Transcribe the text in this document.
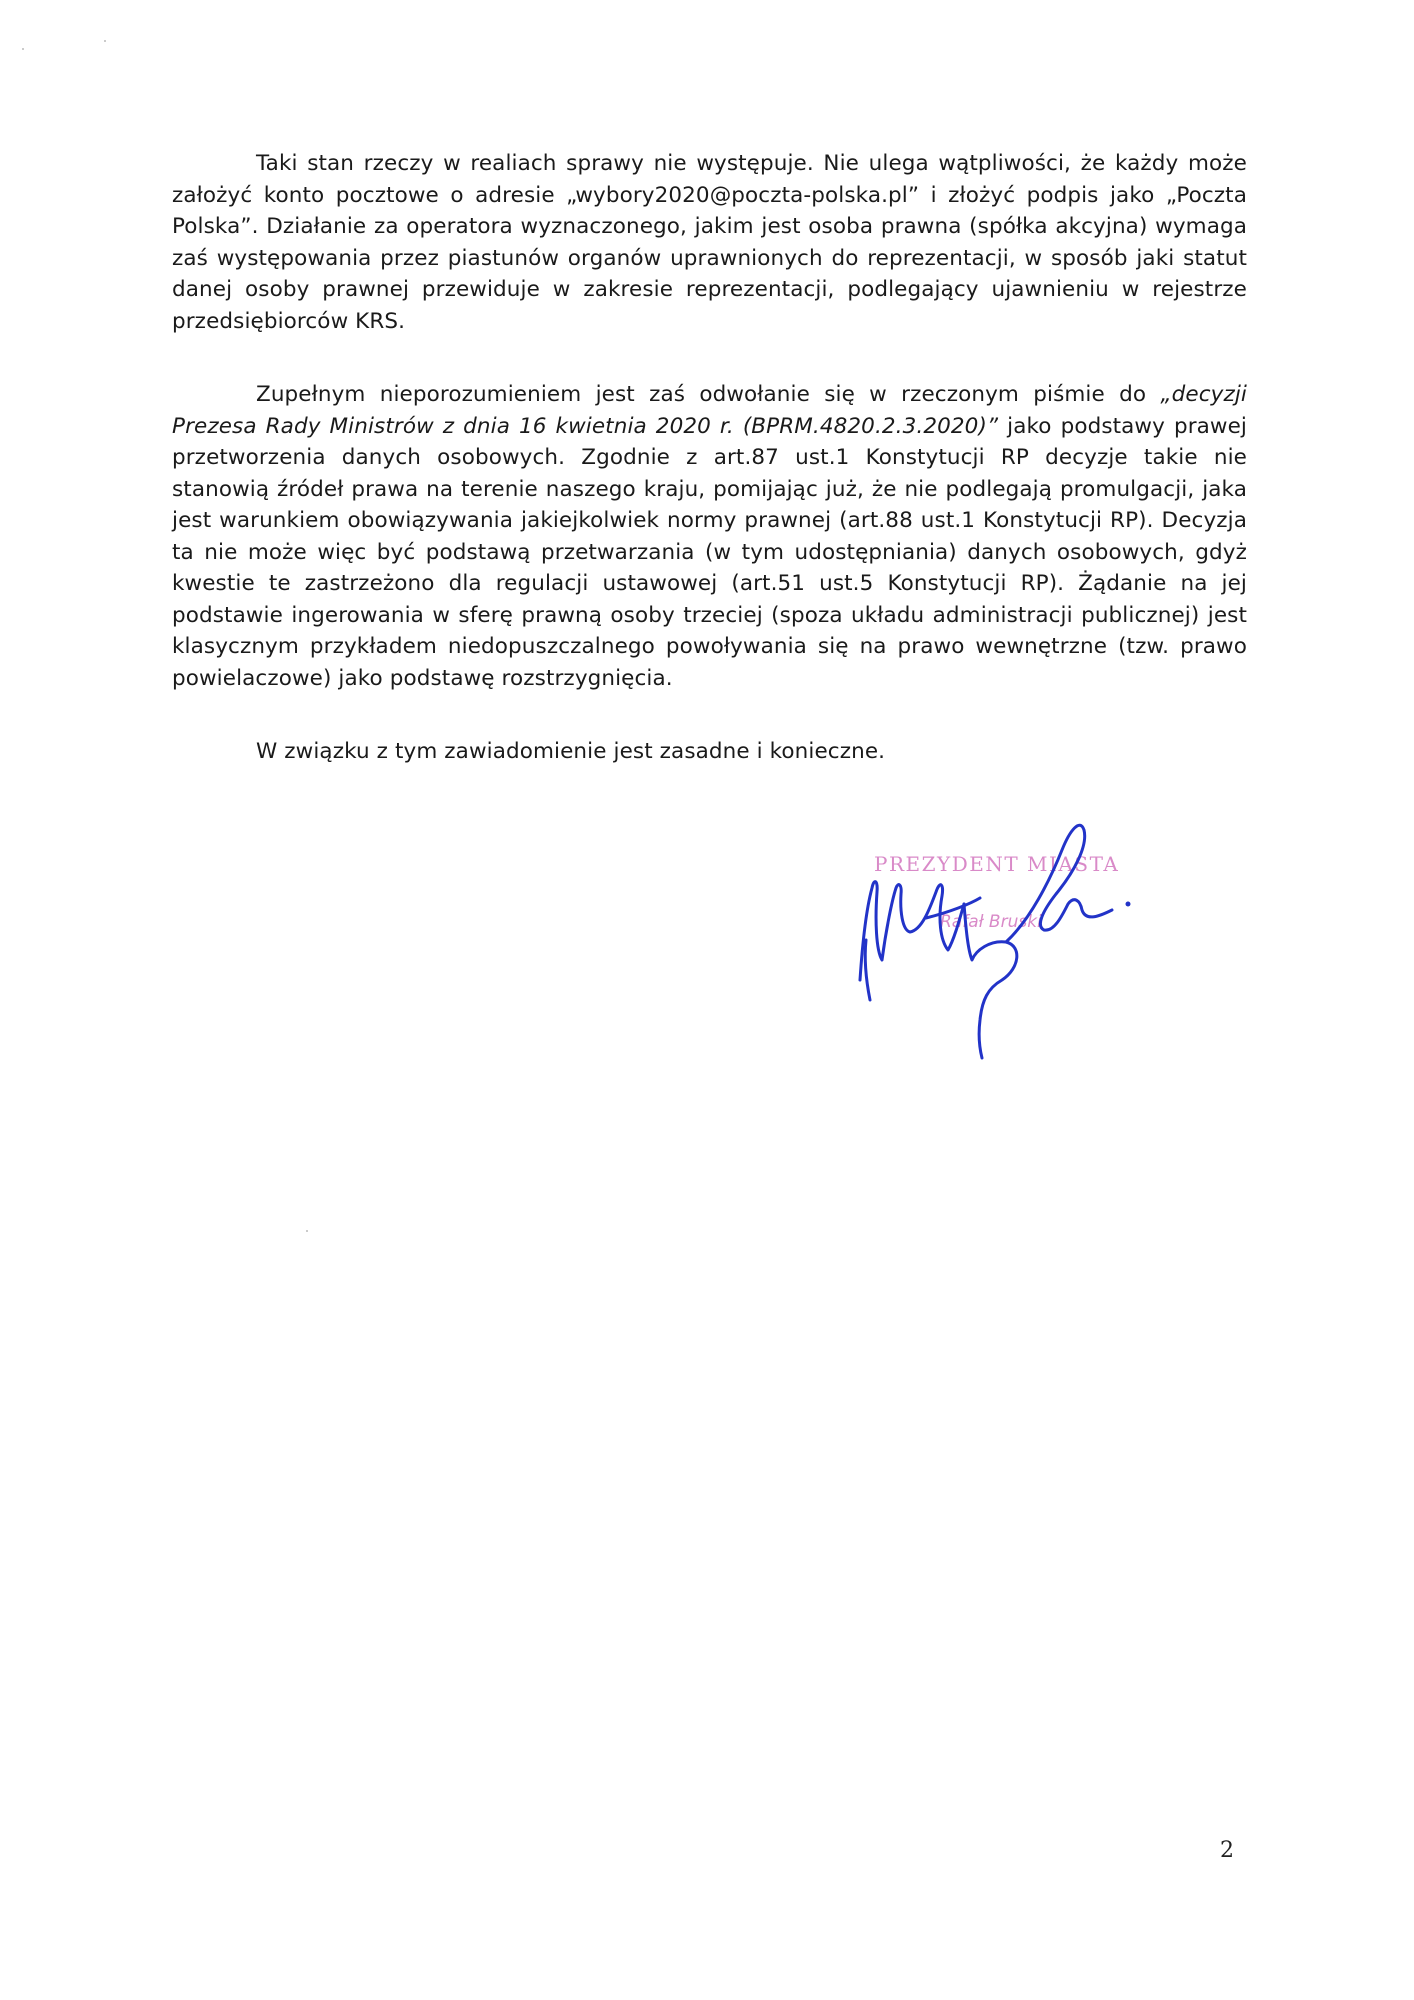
Taki stan rzeczy w realiach sprawy nie występuje. Nie ulega wątpliwości, że każdy może założyć konto pocztowe o adresie „wybory2020@poczta-polska.pl” i złożyć podpis jako „Poczta Polska”. Działanie za operatora wyznaczonego, jakim jest osoba prawna (spółka akcyjna) wymaga zaś występowania przez piastunów organów uprawnionych do reprezentacji, w sposób jaki statut danej osoby prawnej przewiduje w zakresie reprezentacji, podlegający ujawnieniu w rejestrze przedsiębiorców KRS.

Zupełnym nieporozumieniem jest zaś odwołanie się w rzeczonym piśmie do „decyzji Prezesa Rady Ministrów z dnia 16 kwietnia 2020 r. (BPRM.4820.2.3.2020)” jako podstawy prawej przetworzenia danych osobowych. Zgodnie z art.87 ust.1 Konstytucji RP decyzje takie nie stanowią źródeł prawa na terenie naszego kraju, pomijając już, że nie podlegają promulgacji, jaka jest warunkiem obowiązywania jakiejkolwiek normy prawnej (art.88 ust.1 Konstytucji RP). Decyzja ta nie może więc być podstawą przetwarzania (w tym udostępniania) danych osobowych, gdyż kwestie te zastrzeżono dla regulacji ustawowej (art.51 ust.5 Konstytucji RP). Żądanie na jej podstawie ingerowania w sferę prawną osoby trzeciej (spoza układu administracji publicznej) jest klasycznym przykładem niedopuszczalnego powoływania się na prawo wewnętrzne (tzw. prawo powielaczowe) jako podstawę rozstrzygnięcia.

W związku z tym zawiadomienie jest zasadne i konieczne.

PREZYDENT MIASTA
Rafał Bruski
2
